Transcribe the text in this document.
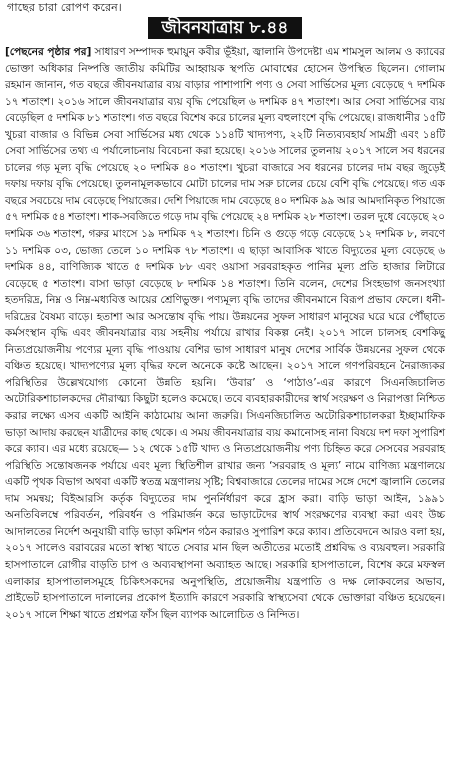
গাছের চারা রোপণ করেন।
জীবনযাত্রায় ৮.৪৪
[পেছনের পৃষ্ঠার পর] সাধারণ সম্পাদক হুমায়ুন কবীর ভূঁইয়া, জ্বালানি উপদেষ্টা এম শামসুল আলম ও ক্যাবের ভোক্তা অধিকার নিষ্পত্তি জাতীয় কমিটির আহ্বায়ক স্থপতি মোবাশ্বের হোসেন উপস্থিত ছিলেন। গোলাম রহমান জানান, গত বছরে জীবনযাত্রার ব্যয় বাড়ার পাশাপাশি পণ্য ও সেবা সার্ভিসের মূল্য বেড়েছে ৭ দশমিক ১৭ শতাংশ। ২০১৬ সালে জীবনযাত্রার ব্যয় বৃদ্ধি পেয়েছিল ৬ দশমিক ৪৭ শতাংশ। আর সেবা সার্ভিসের ব্যয় বেড়েছিল ৫ দশমিক ৮১ শতাংশ। গত বছরে বিশেষ করে চালের মূল্য বহুলাংশে বৃদ্ধি পেয়েছে। রাজধানীর ১৫টি খুচরা বাজার ও বিভিন্ন সেবা সার্ভিসের মধ্য থেকে ১১৪টি খাদ্যপণ্য, ২২টি নিত্যব্যবহার্য সামগ্রী এবং ১৪টি সেবা সার্ভিসের তথ্য এ পর্যালোচনায় বিবেচনা করা হয়েছে। ২০১৬ সালের তুলনায় ২০১৭ সালে সব ধরনের চালের গড় মূল্য বৃদ্ধি পেয়েছে ২০ দশমিক ৪০ শতাংশ। খুচরা বাজারে সব ধরনের চালের দাম বছর জুড়েই দফায় দফায় বৃদ্ধি পেয়েছে। তুলনামূলকভাবে মোটা চালের দাম সরু চালের চেয়ে বেশি বৃদ্ধি পেয়েছে। গত এক বছরে সবচেয়ে দাম বেড়েছে পিয়াজের। দেশি পিয়াজে দাম বেড়েছে ৪০ দশমিক ৯৯ আর আমদানিকৃত পিয়াজে ৫৭ দশমিক ৫৪ শতাংশ। শাক-সবজিতে গড়ে দাম বৃদ্ধি পেয়েছে ২৪ দশমিক ২৮ শতাংশ। তরল দুধে বেড়েছে ২০ দশমিক ৩৬ শতাংশ, গরুর মাংসে ১৯ দশমিক ৭২ শতাংশ। চিনি ও গুড়ে গড়ে বেড়েছে ১২ দশমিক ৮, লবণে ১১ দশমিক ০৩, ভোজ্য তেলে ১০ দশমিক ৭৮ শতাংশ। এ ছাড়া আবাসিক খাতে বিদ্যুতের মূল্য বেড়েছে ৬ দশমিক ৪৪, বাণিজ্যিক খাতে ৫ দশমিক ৮৮ এবং ওয়াসা সরবরাহকৃত পানির মূল্য প্রতি হাজার লিটারে বেড়েছে ৫ শতাংশ। বাসা ভাড়া বেড়েছে ৮ দশমিক ১৪ শতাংশ। তিনি বলেন, দেশের সিংহভাগ জনসংখ্যা হতদরিদ্র, নিম্ন ও নিম্ন-মধ্যবিত্ত আয়ের শ্রেণিভুক্ত। পণ্যমূল্য বৃদ্ধি তাদের জীবনমানে বিরূপ প্রভাব ফেলে। ধনী-দরিদ্রের বৈষম্য বাড়ে। হতাশা আর অসন্তোষ বৃদ্ধি পায়। উন্নয়নের সুফল সাধারণ মানুষের ঘরে ঘরে পৌঁছাতে কর্মসংস্থান বৃদ্ধি এবং জীবনযাত্রার ব্যয় সহনীয় পর্যায়ে রাখার বিকল্প নেই। ২০১৭ সালে চালসহ বেশকিছু নিত্যপ্রয়োজনীয় পণ্যের মূল্য বৃদ্ধি পাওয়ায় বেশির ভাগ সাধারণ মানুষ দেশের সার্বিক উন্নয়নের সুফল থেকে বঞ্চিত হয়েছে। খাদ্যপণ্যের মূল্য বৃদ্ধির ফলে অনেকে কষ্টে আছেন। ২০১৭ সালে গণপরিবহনে নৈরাজ্যকর পরিস্থিতির উল্লেখযোগ্য কোনো উন্নতি হয়নি। ‘উবার’ ও ‘পাঠাও’-এর কারণে সিএনজিচালিত অটোরিকশাচালকদের দৌরাত্ম্য কিছুটা হলেও কমেছে। তবে ব্যবহারকারীদের স্বার্থ সংরক্ষণ ও নিরাপত্তা নিশ্চিত করার লক্ষ্যে এসব একটি আইনি কাঠামোয় আনা জরুরি। সিএনজিচালিত অটোরিকশাচালকরা ইচ্ছামাফিক ভাড়া আদায় করছেন যাত্রীদের কাছ থেকে। এ সময় জীবনযাত্রার ব্যয় কমানোসহ নানা বিষয়ে দশ দফা সুপারিশ করে ক্যাব। এর মধ্যে রয়েছে— ১২ থেকে ১৫টি খাদ্য ও নিত্যপ্রয়োজনীয় পণ্য চিহ্নিত করে সেসবের সরবরাহ পরিস্থিতি সন্তোষজনক পর্যায়ে এবং মূল্য স্থিতিশীল রাখার জন্য ‘সরবরাহ ও মূল্য’ নামে বাণিজ্য মন্ত্রণালয়ে একটি পৃথক বিভাগ অথবা একটি স্বতন্ত্র মন্ত্রণালয় সৃষ্টি; বিশ্ববাজারে তেলের দামের সঙ্গে দেশে জ্বালানি তেলের দাম সমন্বয়; বিইআরসি কর্তৃক বিদ্যুতের দাম পুনর্নির্ধারণ করে হ্রাস করা। বাড়ি ভাড়া আইন, ১৯৯১ অনতিবিলম্বে পরিবর্তন, পরিবর্ধন ও পরিমার্জন করে ভাড়াটেদের স্বার্থ সংরক্ষণের ব্যবস্থা করা এবং উচ্চ আদালতের নির্দেশ অনুযায়ী বাড়ি ভাড়া কমিশন গঠন করারও সুপারিশ করে ক্যাব। প্রতিবেদনে আরও বলা হয়, ২০১৭ সালেও বরাবরের মতো স্বাস্থ্য খাতে সেবার মান ছিল অতীতের মতোই প্রশ্নবিদ্ধ ও ব্যয়বহুল। সরকারি হাসপাতালে রোগীর বাড়তি চাপ ও অব্যবস্থাপনা অব্যাহত আছে। সরকারি হাসপাতালে, বিশেষ করে মফস্বল এলাকার হাসপাতালসমূহে চিকিৎসকদের অনুপস্থিতি, প্রয়োজনীয় যন্ত্রপাতি ও দক্ষ লোকবলের অভাব, প্রাইভেট হাসপাতালে দালালের প্রকোপ ইত্যাদি কারণে সরকারি স্বাস্থ্যসেবা থেকে ভোক্তারা বঞ্চিত হয়েছেন। ২০১৭ সালে শিক্ষা খাতে প্রশ্নপত্র ফাঁস ছিল ব্যাপক আলোচিত ও নিন্দিত।
